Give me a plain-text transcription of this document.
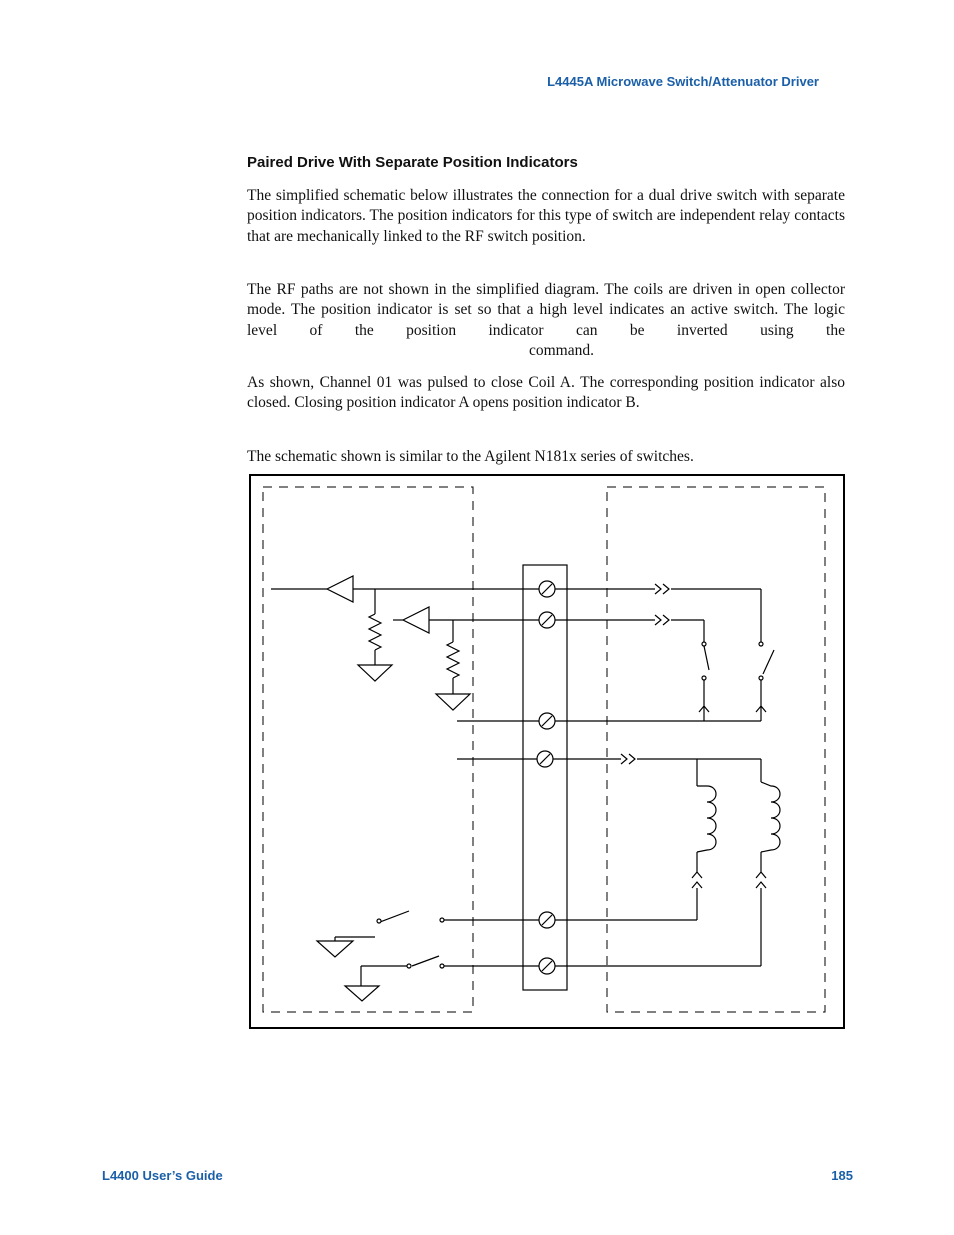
L4445A Microwave Switch/Attenuator Driver
Paired Drive With Separate Position Indicators

The simplified schematic below illustrates the connection for a dual drive switch with separate position indicators. The position indicators for this type of switch are independent relay contacts that are mechanically linked to the RF switch position.

The RF paths are not shown in the simplified diagram. The coils are driven in open collector mode. The position indicator is set so that a high level indicates an active switch. The logic level of the position indicator can be inverted using the command.

As shown, Channel 01 was pulsed to close Coil A. The corresponding position indicator also closed. Closing position indicator A opens position indicator B.

The schematic shown is similar to the Agilent N181x series of switches.

L4400 User’s Guide	185
